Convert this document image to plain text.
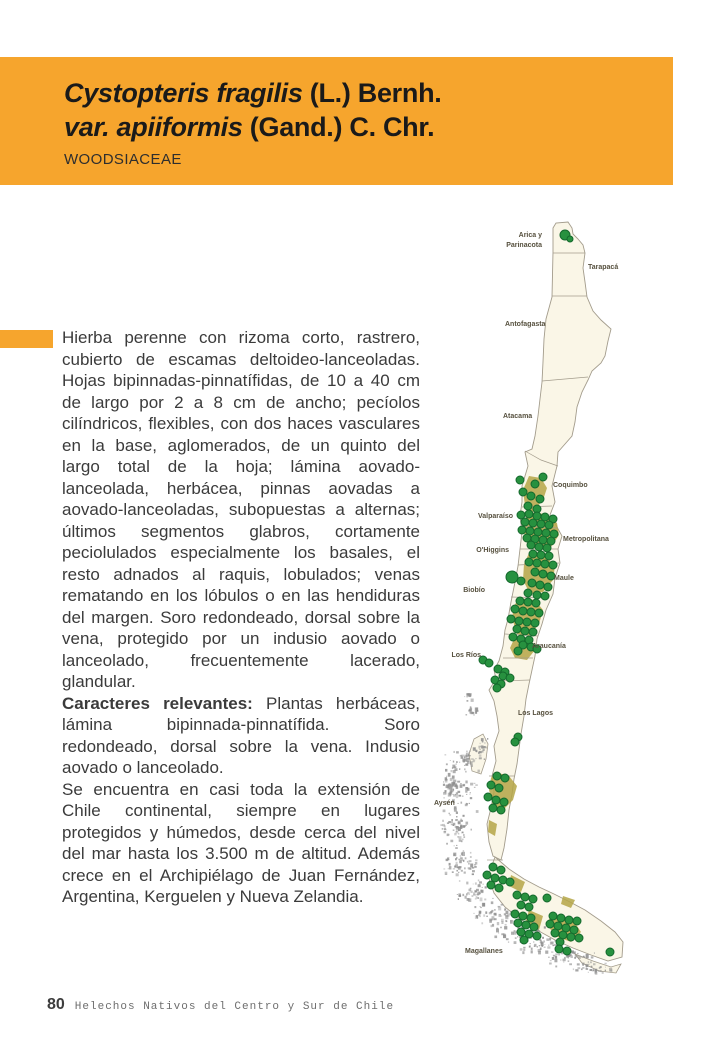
Cystopteris fragilis (L.) Bernh.
var. apiiformis (Gand.) C. Chr.
WOODSIACEAE

Hierba perenne con rizoma corto, rastrero, cubierto de escamas deltoideo-lanceoladas. Hojas bipinnadas-pinnatífidas, de 10 a 40 cm de largo por 2 a 8 cm de ancho; pecíolos cilíndricos, flexibles, con dos haces vasculares en la base, aglomerados, de un quinto del largo total de la hoja; lámina aovado-lanceolada, herbácea, pinnas aovadas a aovado-lanceoladas, subopuestas a alternas; últimos segmentos glabros, cortamente peciolulados especialmente los basales, el resto adnados al raquis, lobulados; venas rematando en los lóbulos o en las hendiduras del margen. Soro redondeado, dorsal sobre la vena, protegido por un indusio aovado o lanceolado, frecuentemente lacerado, glandular.

Caracteres relevantes: Plantas herbáceas, lámina bipinnada-pinnatífida. Soro redondeado, dorsal sobre la vena. Indusio aovado o lanceolado.

Se encuentra en casi toda la extensión de Chile continental, siempre en lugares protegidos y húmedos, desde cerca del nivel del mar hasta los 3.500 m de altitud. Además crece en el Archipiélago de Juan Fernández, Argentina, Kerguelen y Nueva Zelandia.

Arica y
Parinacota
Tarapacá
Antofagasta
Atacama
Coquimbo
Valparaíso
Metropolitana
O'Higgins
Maule
Biobío
Araucanía
Los Ríos
Los Lagos
Aysén
Magallanes
80 Helechos Nativos del Centro y Sur de Chile
